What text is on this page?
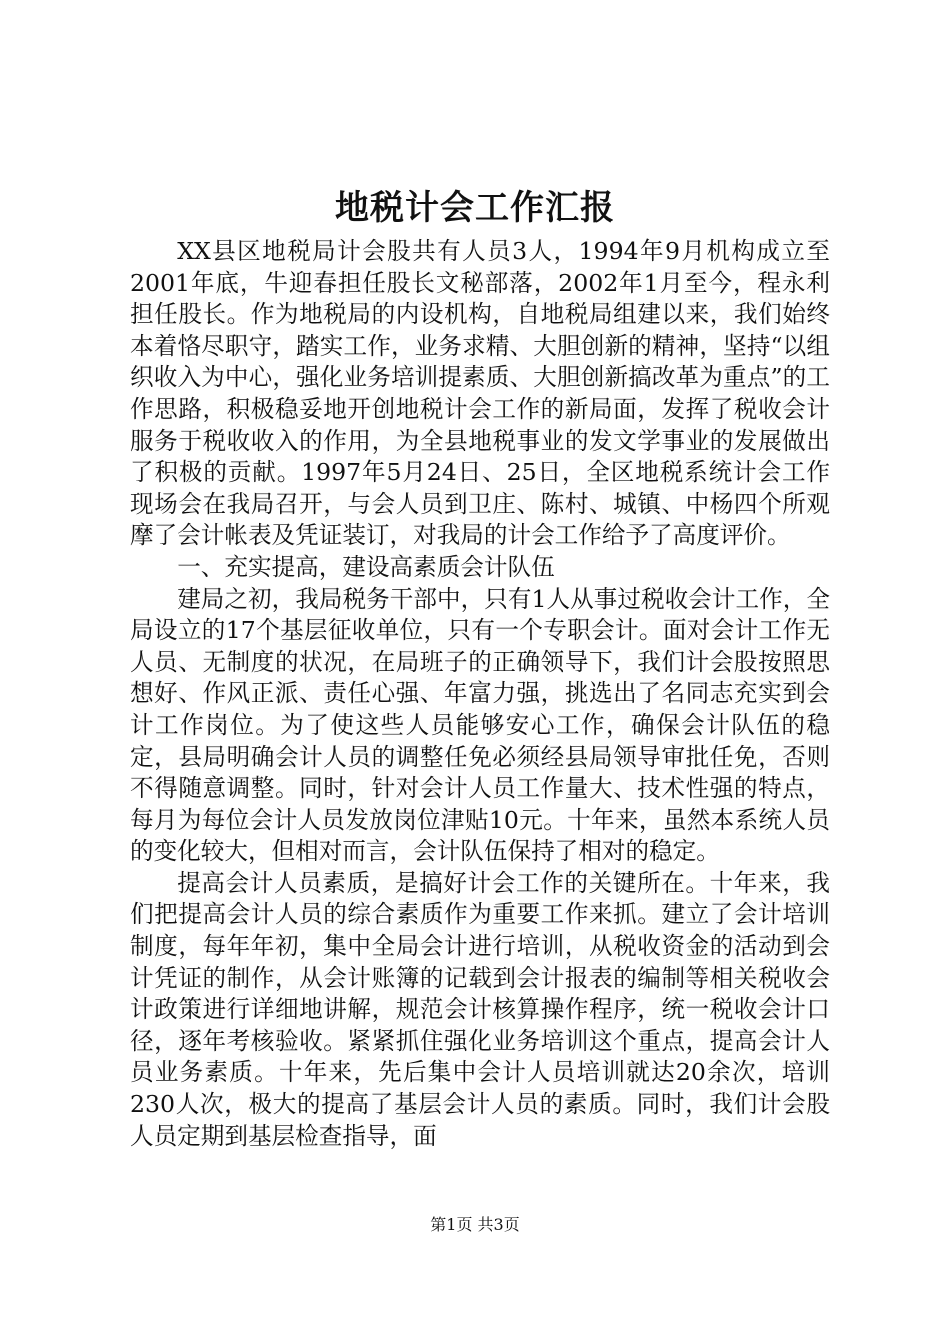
地税计会工作汇报

XX县区地税局计会股共有人员3人，1994年9月机构成立至2001年底，牛迎春担任股长文秘部落，2002年1月至今，程永利担任股长。作为地税局的内设机构，自地税局组建以来，我们始终本着恪尽职守，踏实工作，业务求精、大胆创新的精神，坚持“以组织收入为中心，强化业务培训提素质、大胆创新搞改革为重点”的工作思路，积极稳妥地开创地税计会工作的新局面，发挥了税收会计服务于税收收入的作用，为全县地税事业的发文学事业的发展做出了积极的贡献。1997年5月24日、25日，全区地税系统计会工作现场会在我局召开，与会人员到卫庄、陈村、城镇、中杨四个所观摩了会计帐表及凭证装订，对我局的计会工作给予了高度评价。

一、充实提高，建设高素质会计队伍

建局之初，我局税务干部中，只有1人从事过税收会计工作，全局设立的17个基层征收单位，只有一个专职会计。面对会计工作无人员、无制度的状况，在局班子的正确领导下，我们计会股按照思想好、作风正派、责任心强、年富力强，挑选出了名同志充实到会计工作岗位。为了使这些人员能够安心工作，确保会计队伍的稳定，县局明确会计人员的调整任免必须经县局领导审批任免，否则不得随意调整。同时，针对会计人员工作量大、技术性强的特点，每月为每位会计人员发放岗位津贴10元。十年来，虽然本系统人员的变化较大，但相对而言，会计队伍保持了相对的稳定。

提高会计人员素质，是搞好计会工作的关键所在。十年来，我们把提高会计人员的综合素质作为重要工作来抓。建立了会计培训制度，每年年初，集中全局会计进行培训，从税收资金的活动到会计凭证的制作，从会计账簿的记载到会计报表的编制等相关税收会计政策进行详细地讲解，规范会计核算操作程序，统一税收会计口径，逐年考核验收。紧紧抓住强化业务培训这个重点，提高会计人员业务素质。十年来，先后集中会计人员培训就达20余次，培训230人次，极大的提高了基层会计人员的素质。同时，我们计会股人员定期到基层检查指导，面

第1页 共3页
